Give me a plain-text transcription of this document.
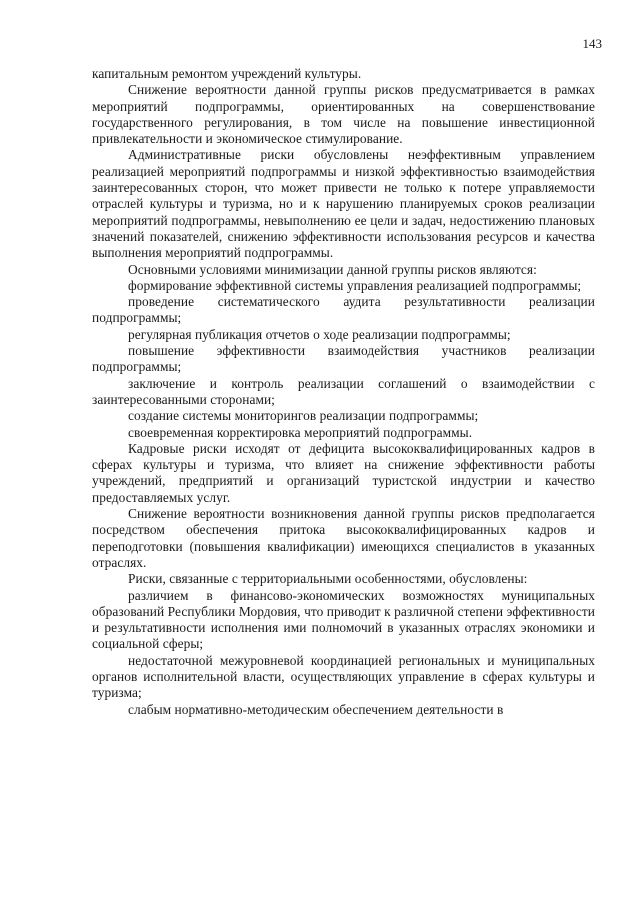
143

капитальным ремонтом учреждений культуры.

Снижение вероятности данной группы рисков предусматривается в рамках мероприятий подпрограммы, ориентированных на совершенствование государственного регулирования, в том числе на повышение инвестиционной привлекательности и экономическое стимулирование.

Административные риски обусловлены неэффективным управлением реализацией мероприятий подпрограммы и низкой эффективностью взаимодействия заинтересованных сторон, что может привести не только к потере управляемости отраслей культуры и туризма, но и к нарушению планируемых сроков реализации мероприятий подпрограммы, невыполнению ее цели и задач, недостижению плановых значений показателей, снижению эффективности использования ресурсов и качества выполнения мероприятий подпрограммы.

Основными условиями минимизации данной группы рисков являются:

формирование эффективной системы управления реализацией подпрограммы;

проведение систематического аудита результативности реализации подпрограммы;

регулярная публикация отчетов о ходе реализации подпрограммы;

повышение эффективности взаимодействия участников реализации подпрограммы;

заключение и контроль реализации соглашений о взаимодействии с заинтересованными сторонами;

создание системы мониторингов реализации подпрограммы;

своевременная корректировка мероприятий подпрограммы.

Кадровые риски исходят от дефицита высококвалифицированных кадров в сферах культуры и туризма, что влияет на снижение эффективности работы учреждений, предприятий и организаций туристской индустрии и качество предоставляемых услуг.

Снижение вероятности возникновения данной группы рисков предполагается посредством обеспечения притока высококвалифицированных кадров и переподготовки (повышения квалификации) имеющихся специалистов в указанных отраслях.

Риски, связанные с территориальными особенностями, обусловлены:

различием в финансово-экономических возможностях муниципальных образований Республики Мордовия, что приводит к различной степени эффективности и результативности исполнения ими полномочий в указанных отраслях экономики и социальной сферы;

недостаточной межуровневой координацией региональных и муниципальных органов исполнительной власти, осуществляющих управление в сферах культуры и туризма;

слабым нормативно-методическим обеспечением деятельности в
